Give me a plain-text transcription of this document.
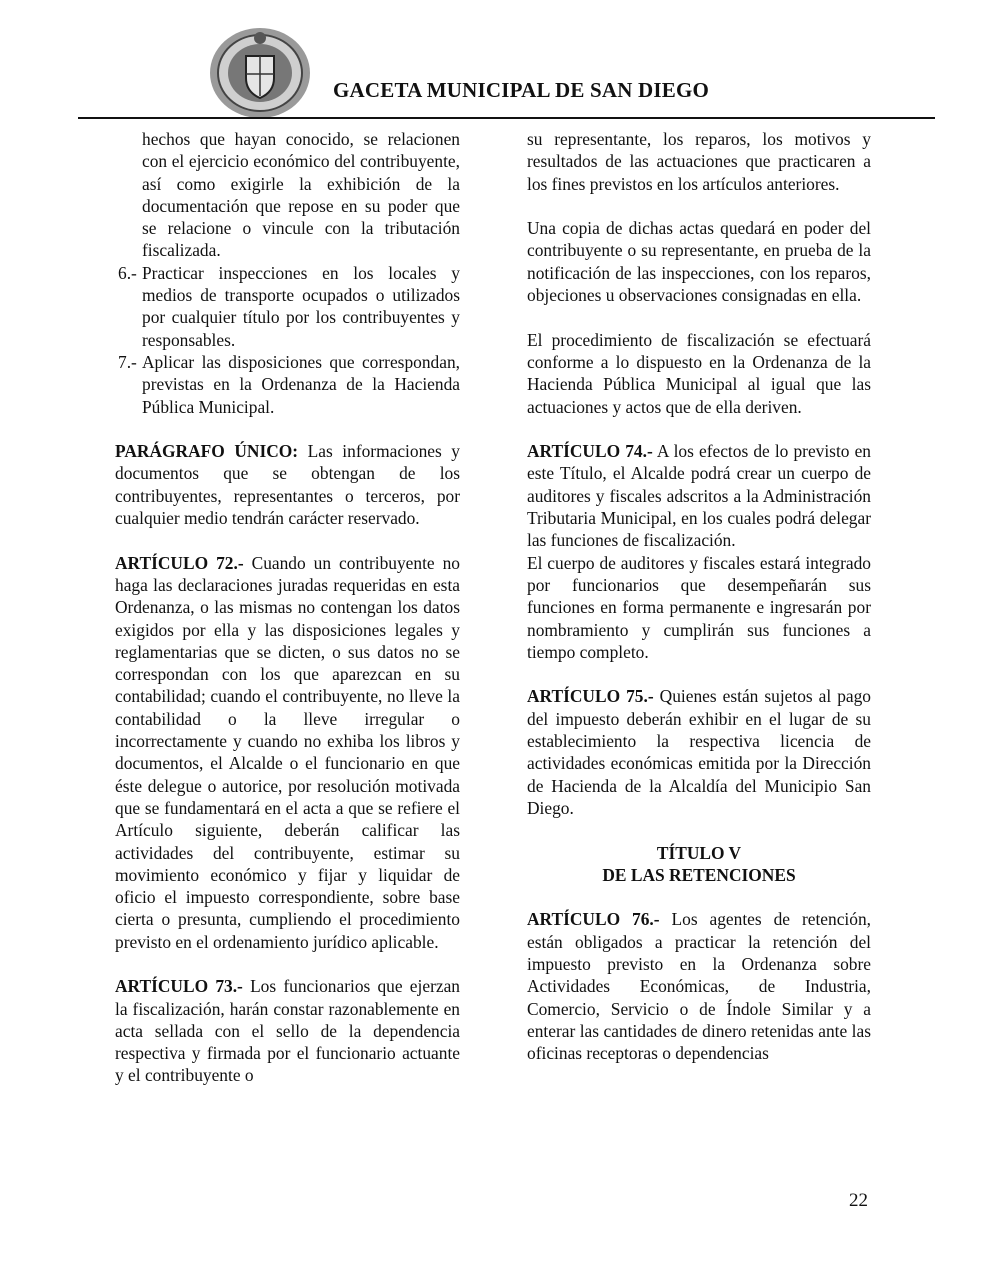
GACETA MUNICIPAL DE SAN DIEGO

hechos que hayan conocido, se relacionen con el ejercicio económico del contribuyente, así como exigirle la exhibición de la documentación que repose en su poder que se relacione o vincule con la tributación fiscalizada.

6.- Practicar inspecciones en los locales y medios de transporte ocupados o utilizados por cualquier título por los contribuyentes y responsables.

7.- Aplicar las disposiciones que correspondan, previstas en la Ordenanza de la Hacienda Pública Municipal.

PARÁGRAFO ÚNICO: Las informaciones y documentos que se obtengan de los contribuyentes, representantes o terceros, por cualquier medio tendrán carácter reservado.

ARTÍCULO 72.- Cuando un contribuyente no haga las declaraciones juradas requeridas en esta Ordenanza, o las mismas no contengan los datos exigidos por ella y las disposiciones legales y reglamentarias que se dicten, o sus datos no se correspondan con los que aparezcan en su contabilidad; cuando el contribuyente, no lleve la contabilidad o la lleve irregular o incorrectamente y cuando no exhiba los libros y documentos, el Alcalde o el funcionario en que éste delegue o autorice, por resolución motivada que se fundamentará en el acta a que se refiere el Artículo siguiente, deberán calificar las actividades del contribuyente, estimar su movimiento económico y fijar y liquidar de oficio el impuesto correspondiente, sobre base cierta o presunta, cumpliendo el procedimiento previsto en el ordenamiento jurídico aplicable.

ARTÍCULO 73.- Los funcionarios que ejerzan la fiscalización, harán constar razonablemente en acta sellada con el sello de la dependencia respectiva y firmada por el funcionario actuante y el contribuyente o

su representante, los reparos, los motivos y resultados de las actuaciones que practicaren a los fines previstos en los artículos anteriores.

Una copia de dichas actas quedará en poder del contribuyente o su representante, en prueba de la notificación de las inspecciones, con los reparos, objeciones u observaciones consignadas en ella.

El procedimiento de fiscalización se efectuará conforme a lo dispuesto en la Ordenanza de la Hacienda Pública Municipal al igual que las actuaciones y actos que de ella deriven.

ARTÍCULO 74.- A los efectos de lo previsto en este Título, el Alcalde podrá crear un cuerpo de auditores y fiscales adscritos a la Administración Tributaria Municipal, en los cuales podrá delegar las funciones de fiscalización.

El cuerpo de auditores y fiscales estará integrado por funcionarios que desempeñarán sus funciones en forma permanente e ingresarán por nombramiento y cumplirán sus funciones a tiempo completo.

ARTÍCULO 75.- Quienes están sujetos al pago del impuesto deberán exhibir en el lugar de su establecimiento la respectiva licencia de actividades económicas emitida por la Dirección de Hacienda de la Alcaldía del Municipio San Diego.

TÍTULO V

DE LAS RETENCIONES

ARTÍCULO 76.- Los agentes de retención, están obligados a practicar la retención del impuesto previsto en la Ordenanza sobre Actividades Económicas, de Industria, Comercio, Servicio o de Índole Similar y a enterar las cantidades de dinero retenidas ante las oficinas receptoras o dependencias

22
